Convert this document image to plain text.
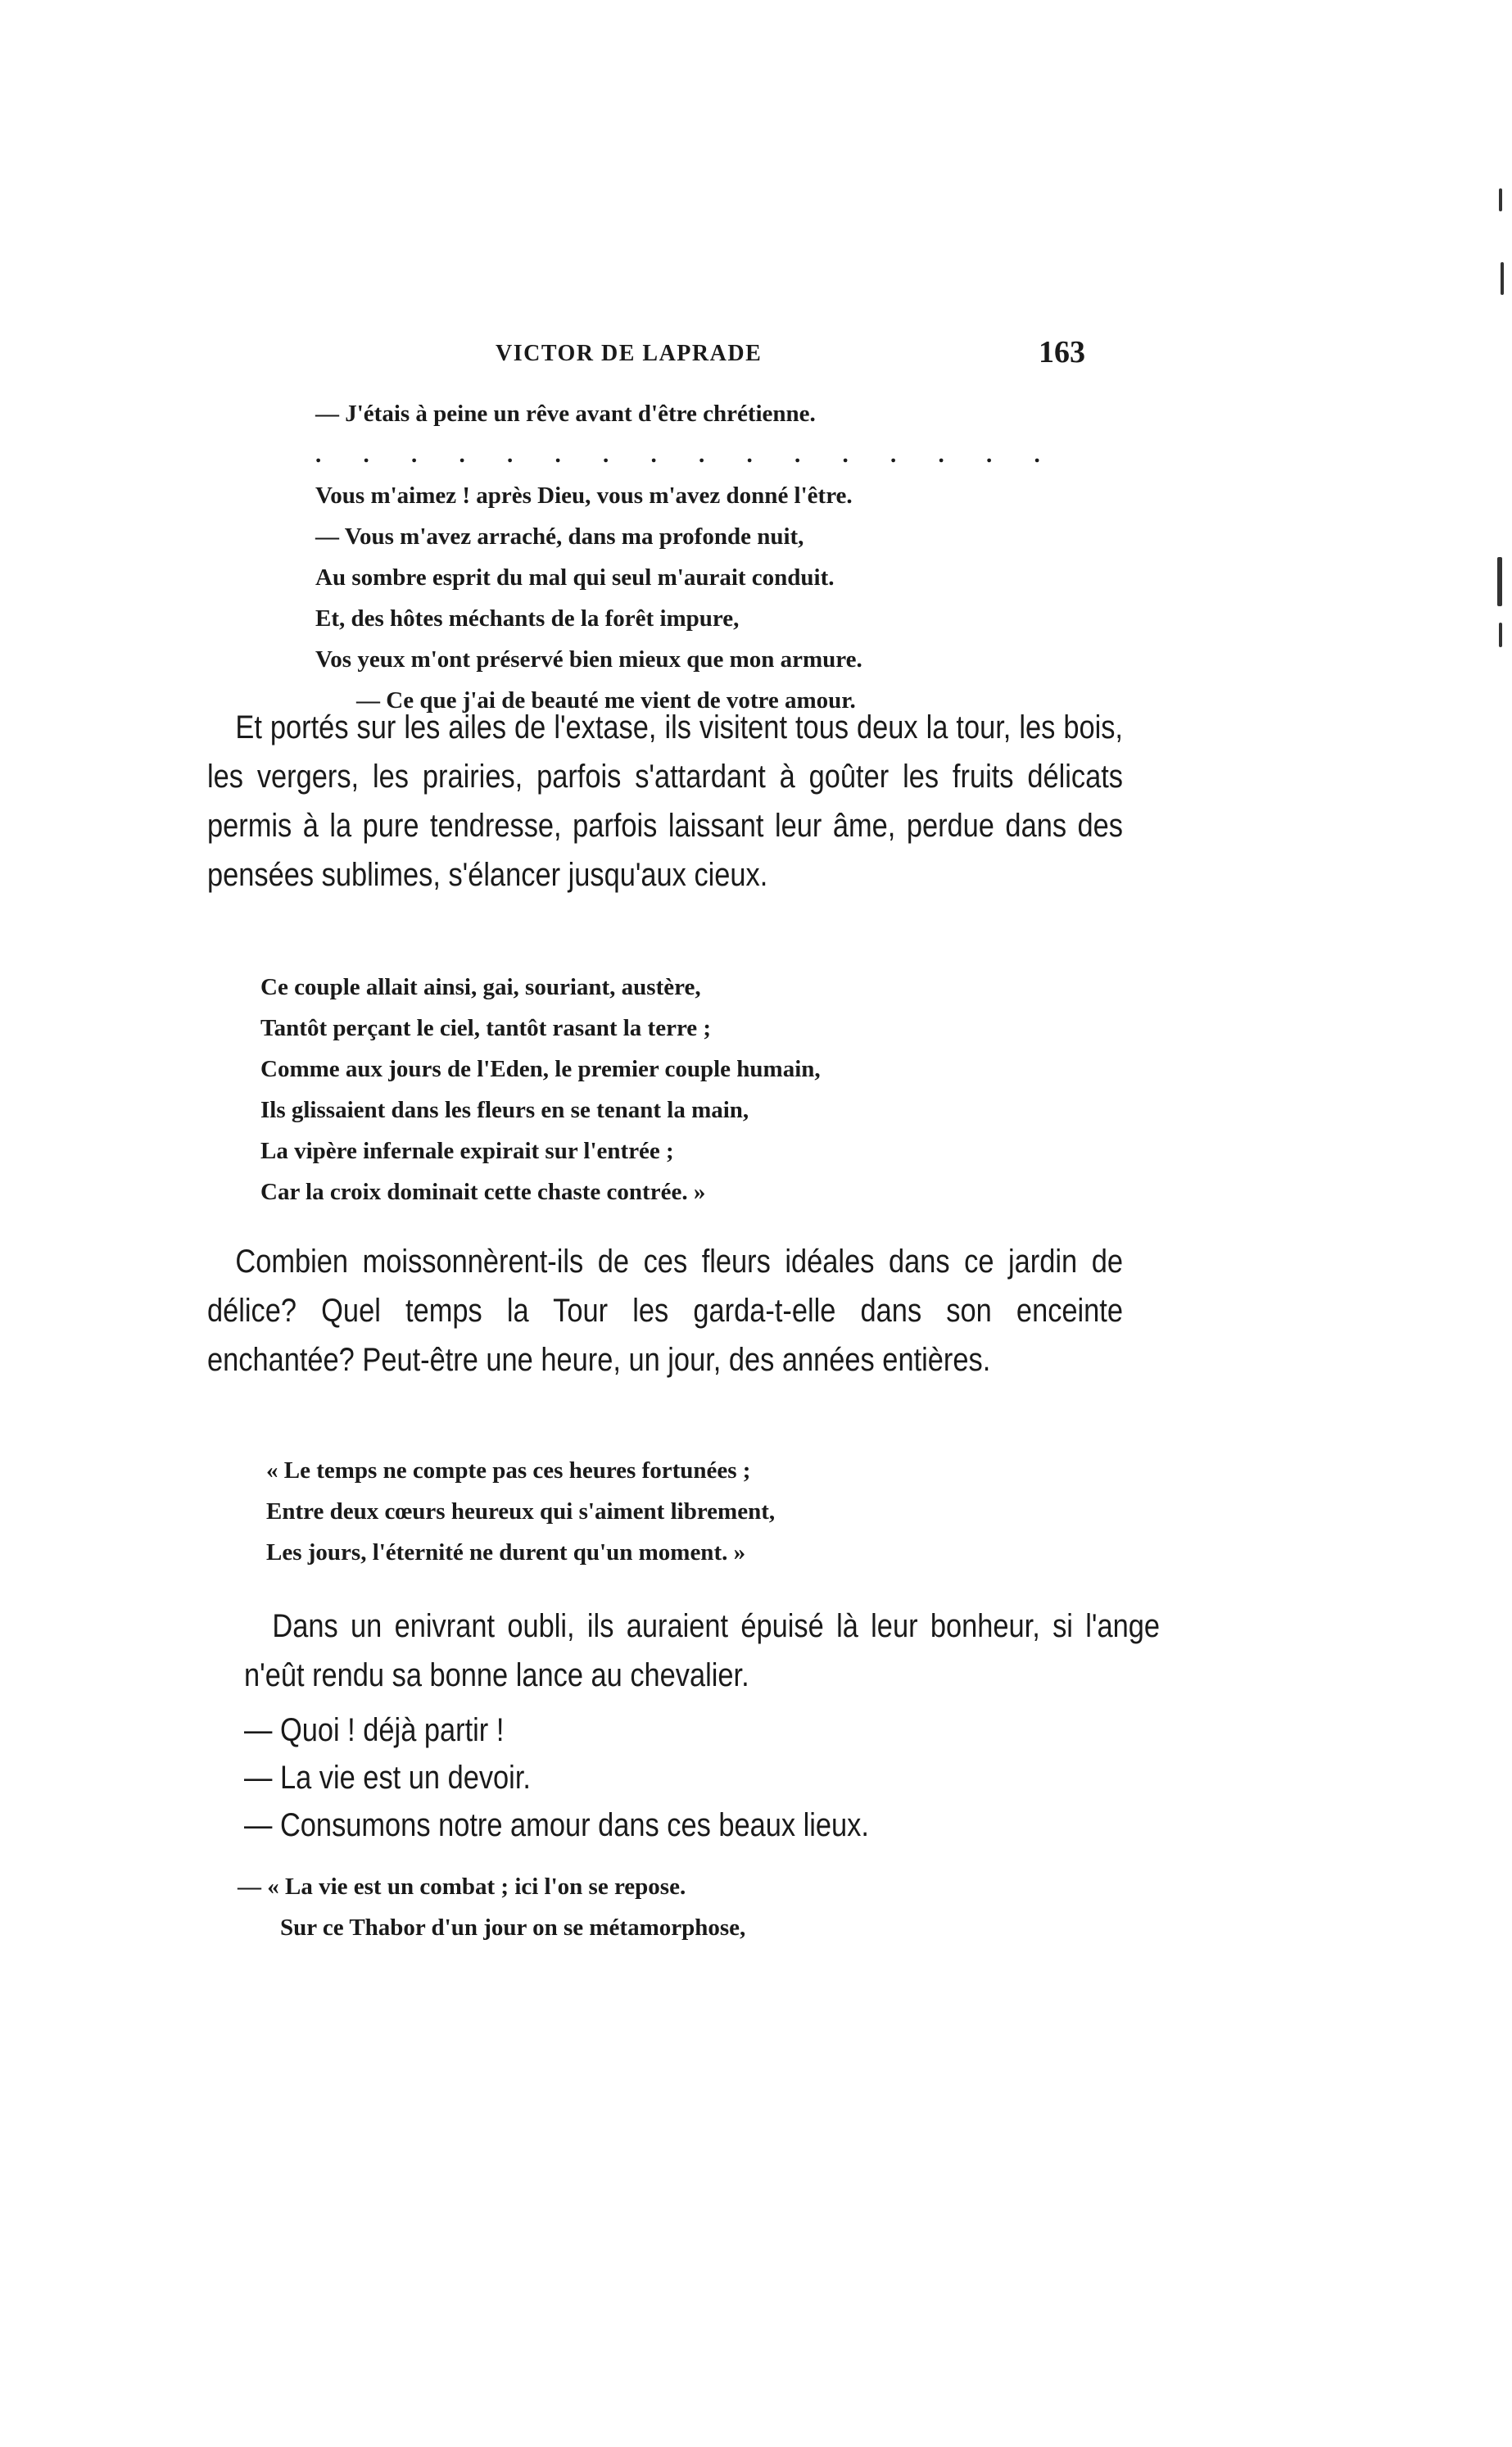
VICTOR DE LAPRADE	163
— J'étais à peine un rêve avant d'être chrétienne.
. . . . . . . . . . . . . . . .
Vous m'aimez ! après Dieu, vous m'avez donné l'être.
— Vous m'avez arraché, dans ma profonde nuit,
Au sombre esprit du mal qui seul m'aurait conduit.
Et, des hôtes méchants de la forêt impure,
Vos yeux m'ont préservé bien mieux que mon armure.
— Ce que j'ai de beauté me vient de votre amour.

Et portés sur les ailes de l'extase, ils visitent tous deux la tour, les bois, les vergers, les prairies, parfois s'attardant à goûter les fruits délicats permis à la pure tendresse, parfois laissant leur âme, perdue dans des pensées sublimes, s'élancer jusqu'aux cieux.

Ce couple allait ainsi, gai, souriant, austère,
Tantôt perçant le ciel, tantôt rasant la terre ;
Comme aux jours de l'Eden, le premier couple humain,
Ils glissaient dans les fleurs en se tenant la main,
La vipère infernale expirait sur l'entrée ;
Car la croix dominait cette chaste contrée. »

Combien moissonnèrent-ils de ces fleurs idéales dans ce jardin de délice? Quel temps la Tour les garda-t-elle dans son enceinte enchantée? Peut-être une heure, un jour, des années entières.

« Le temps ne compte pas ces heures fortunées ;
Entre deux cœurs heureux qui s'aiment librement,
Les jours, l'éternité ne durent qu'un moment. »

Dans un enivrant oubli, ils auraient épuisé là leur bonheur, si l'ange n'eût rendu sa bonne lance au chevalier.

— Quoi ! déjà partir !
— La vie est un devoir.
— Consumons notre amour dans ces beaux lieux.
— « La vie est un combat ; ici l'on se repose.
Sur ce Thabor d'un jour on se métamorphose,
